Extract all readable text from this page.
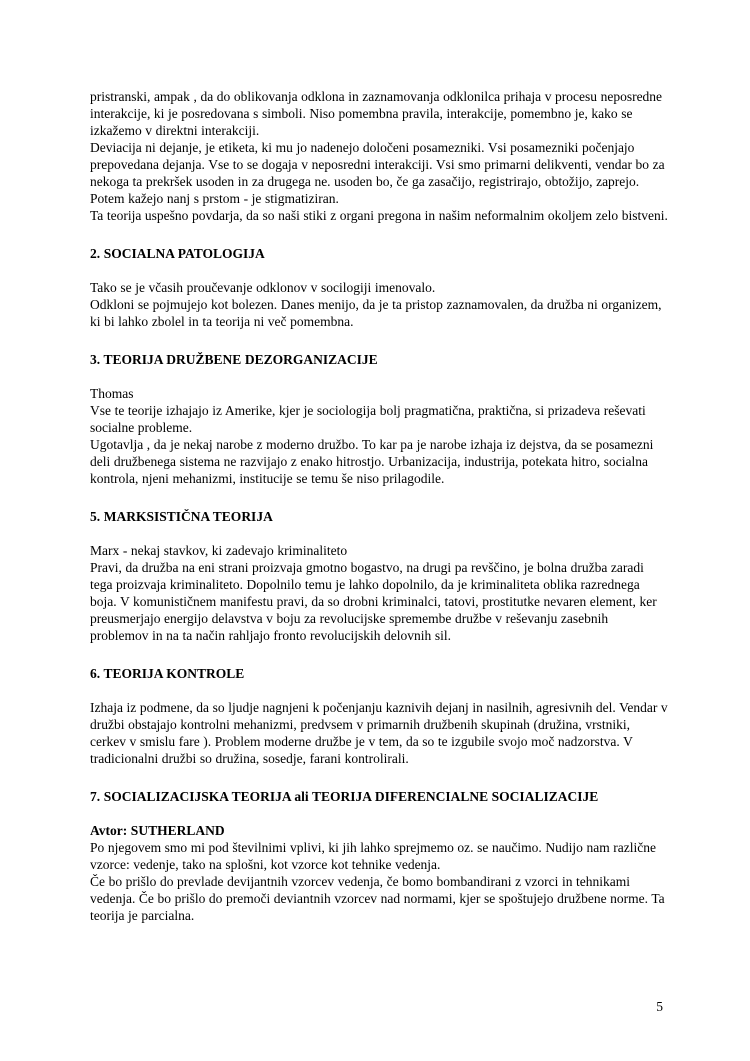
pristranski, ampak , da do oblikovanja odklona in zaznamovanja odklonilca prihaja v procesu neposredne interakcije, ki je posredovana s simboli. Niso pomembna pravila, interakcije, pomembno je, kako se izkažemo v direktni interakciji.
Deviacija ni dejanje, je etiketa, ki mu jo nadenejo določeni posamezniki. Vsi posamezniki počenjajo prepovedana dejanja. Vse to se dogaja v neposredni interakciji. Vsi smo primarni delikventi, vendar bo za nekoga ta prekršek usoden in za drugega ne. usoden bo, če ga zasačijo, registrirajo, obtožijo, zaprejo. Potem kažejo nanj s prstom - je stigmatiziran.
Ta teorija uspešno povdarja, da so naši stiki z organi pregona in našim neformalnim okoljem zelo bistveni.
2. SOCIALNA PATOLOGIJA
Tako se je včasih proučevanje odklonov v socilogiji imenovalo.
Odkloni se pojmujejo kot bolezen. Danes menijo, da je ta pristop zaznamovalen, da družba ni organizem, ki bi lahko zbolel in ta teorija ni več pomembna.
3. TEORIJA DRUŽBENE DEZORGANIZACIJE
Thomas
Vse te teorije izhajajo iz Amerike, kjer je sociologija bolj pragmatična, praktična, si prizadeva reševati socialne probleme.
Ugotavlja , da je nekaj narobe z moderno družbo. To kar pa je narobe izhaja iz dejstva, da se posamezni deli družbenega sistema ne razvijajo z enako hitrostjo. Urbanizacija, industrija, potekata hitro, socialna kontrola, njeni mehanizmi, institucije se temu še niso prilagodile.
5. MARKSISTIČNA TEORIJA
Marx - nekaj stavkov, ki zadevajo kriminaliteto
Pravi, da družba na eni strani proizvaja gmotno bogastvo, na drugi pa revščino, je bolna družba zaradi tega proizvaja kriminaliteto. Dopolnilo temu je lahko dopolnilo, da je kriminaliteta oblika razrednega boja. V komunističnem manifestu pravi, da so drobni kriminalci, tatovi, prostitutke nevaren element, ker preusmerjajo energijo delavstva v boju za revolucijske spremembe družbe v reševanju zasebnih problemov in na ta način rahljajo fronto revolucijskih delovnih sil.
6. TEORIJA KONTROLE
Izhaja iz podmene, da so ljudje nagnjeni k počenjanju kaznivih dejanj in nasilnih, agresivnih del. Vendar v družbi obstajajo kontrolni mehanizmi, predvsem v primarnih družbenih skupinah (družina, vrstniki, cerkev v smislu fare ). Problem moderne družbe je v tem, da so te izgubile svojo moč nadzorstva. V tradicionalni družbi so družina, sosedje, farani kontrolirali.
7. SOCIALIZACIJSKA TEORIJA ali TEORIJA DIFERENCIALNE SOCIALIZACIJE
Avtor: SUTHERLAND
Po njegovem smo mi pod številnimi vplivi, ki jih lahko sprejmemo oz. se naučimo. Nudijo nam različne vzorce: vedenje, tako na splošni, kot vzorce kot tehnike vedenja.
Če bo prišlo do prevlade devijantnih vzorcev vedenja, če bomo bombandirani z vzorci in tehnikami vedenja. Če bo prišlo do premoči deviantnih vzorcev nad normami, kjer se spoštujejo družbene norme. Ta teorija je parcialna.
5
